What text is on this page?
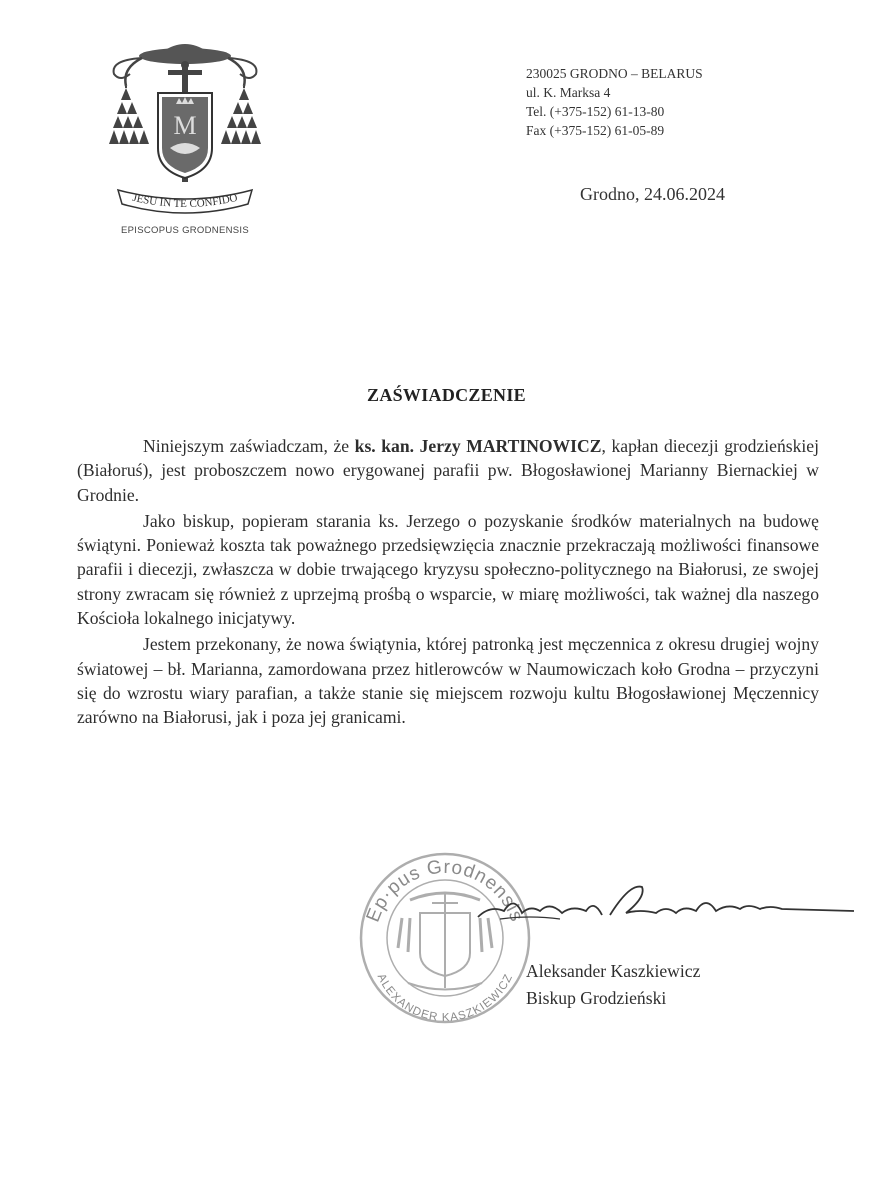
M
JESU IN TE CONFIDO
EPISCOPUS GRODNENSIS
230025 GRODNO – BELARUS
ul. K. Marksa 4
Tel. (+375-152) 61-13-80
Fax (+375-152) 61-05-89
Grodno, 24.06.2024
ZAŚWIADCZENIE

Niniejszym zaświadczam, że ks. kan. Jerzy MARTINOWICZ, kapłan diecezji grodzieńskiej (Białoruś), jest proboszczem nowo erygowanej parafii pw. Błogosławionej Marianny Biernackiej w Grodnie.

Jako biskup, popieram starania ks. Jerzego o pozyskanie środków materialnych na budowę świątyni. Ponieważ koszta tak poważnego przedsięwzięcia znacznie przekraczają możliwości finansowe parafii i diecezji, zwłaszcza w dobie trwającego kryzysu społeczno-politycznego na Białorusi, ze swojej strony zwracam się również z uprzejmą prośbą o wsparcie, w miarę możliwości, tak ważnej dla naszego Kościoła lokalnego inicjatywy.

Jestem przekonany, że nowa świątynia, której patronką jest męczennica z okresu drugiej wojny światowej – bł. Marianna, zamordowana przez hitlerowców w Naumowiczach koło Grodna – przyczyni się do wzrostu wiary parafian, a także stanie się miejscem rozwoju kultu Błogosławionej Męczennicy zarówno na Białorusi, jak i poza jej granicami.

Ep·pus Grodnensis
ALEXANDER KASZKIEWICZ Aleksander Kaszkiewicz
Biskup Grodzieński
